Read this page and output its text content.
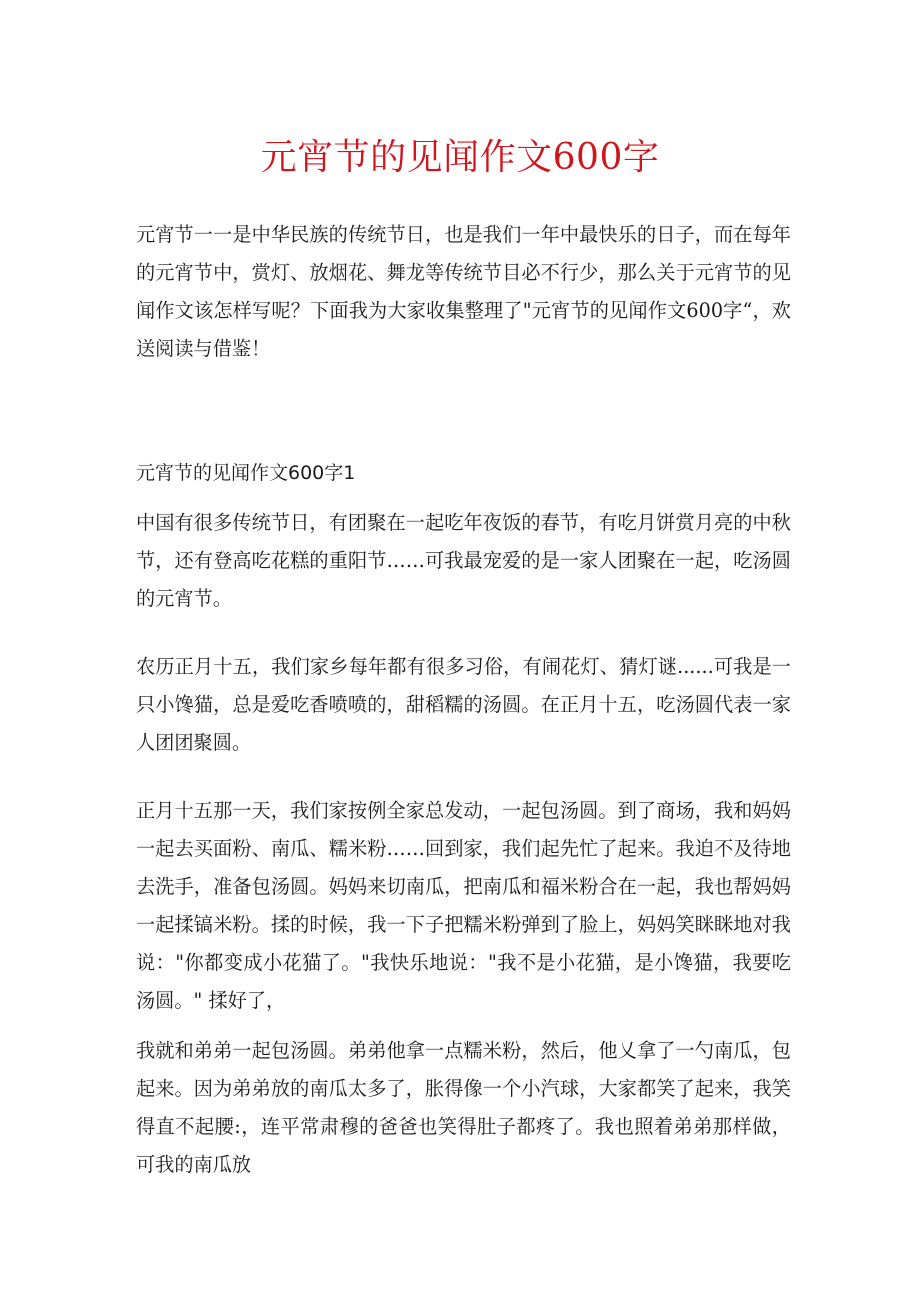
元宵节的见闻作文600字

元宵节一一是中华民族的传统节日，也是我们一年中最快乐的日子，而在每年的元宵节中，赏灯、放烟花、舞龙等传统节目必不行少，那么关于元宵节的见闻作文该怎样写呢？下面我为大家收集整理了"元宵节的见闻作文600字“，欢送阅读与借鉴！

元宵节的见闻作文600字1

中国有很多传统节日，有团聚在一起吃年夜饭的春节，有吃月饼赏月亮的中秋节，还有登高吃花糕的重阳节……可我最宠爱的是一家人团聚在一起，吃汤圆的元宵节。

农历正月十五，我们家乡每年都有很多习俗，有闹花灯、猜灯谜......可我是一只小馋猫，总是爱吃香喷喷的，甜稻糯的汤圆。在正月十五，吃汤圆代表一家人团团聚圆。

正月十五那一天，我们家按例全家总发动，一起包汤圆。到了商场，我和妈妈一起去买面粉、南瓜、糯米粉……回到家，我们起先忙了起来。我迫不及待地去洗手，准备包汤圆。妈妈来切南瓜，把南瓜和福米粉合在一起，我也帮妈妈一起揉镐米粉。揉的时候，我一下子把糯米粉弹到了脸上，妈妈笑眯眯地对我说："你都变成小花猫了。"我快乐地说："我不是小花猫，是小馋猫，我要吃汤圆。" 揉好了，

我就和弟弟一起包汤圆。弟弟他拿一点糯米粉，然后，他乂拿了一勺南瓜，包起来。因为弟弟放的南瓜太多了，胀得像一个小汽球，大家都笑了起来，我笑得直不起腰:，连平常肃穆的爸爸也笑得肚子都疼了。我也照着弟弟那样做，可我的南瓜放
